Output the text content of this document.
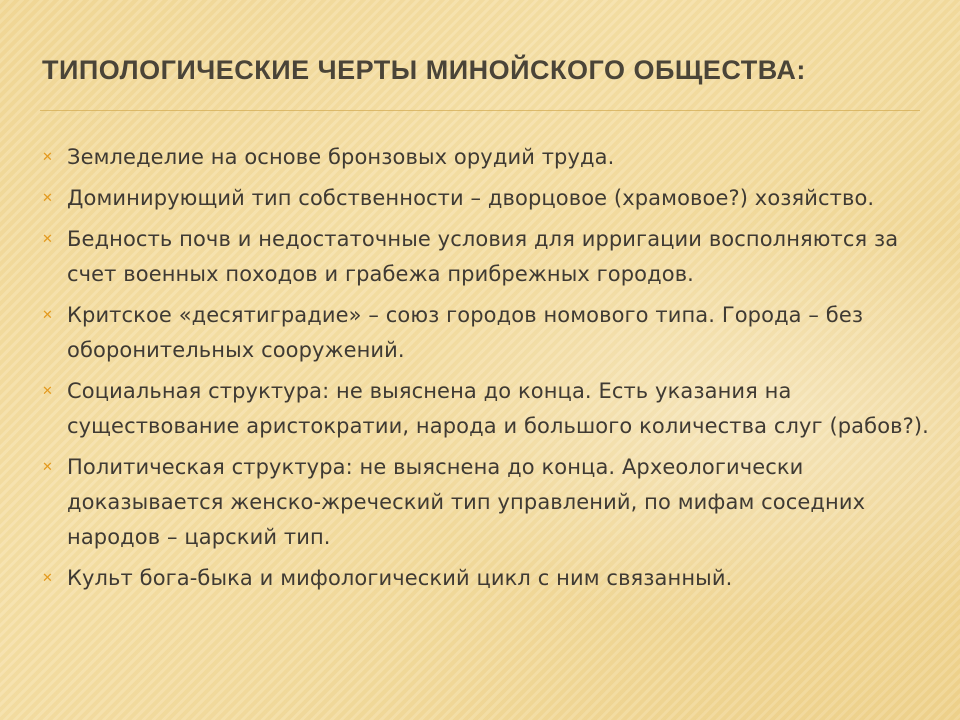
ТИПОЛОГИЧЕСКИЕ ЧЕРТЫ МИНОЙСКОГО ОБЩЕСТВА:
✕ Земледелие на основе бронзовых орудий труда.
✕ Доминирующий тип собственности – дворцовое (храмовое?) хозяйство.
✕ Бедность почв и недостаточные условия для ирригации восполняются за счет военных походов и грабежа прибрежных городов.
✕ Критское «десятиградие» – союз городов номового типа. Города – без оборонительных сооружений.
✕ Социальная структура: не выяснена до конца. Есть указания на существование аристократии, народа и большого количества слуг (рабов?).
✕ Политическая структура: не выяснена до конца. Археологически доказывается женско-жреческий тип управлений, по мифам соседних народов – царский тип.
✕ Культ бога-быка и мифологический цикл с ним связанный.
